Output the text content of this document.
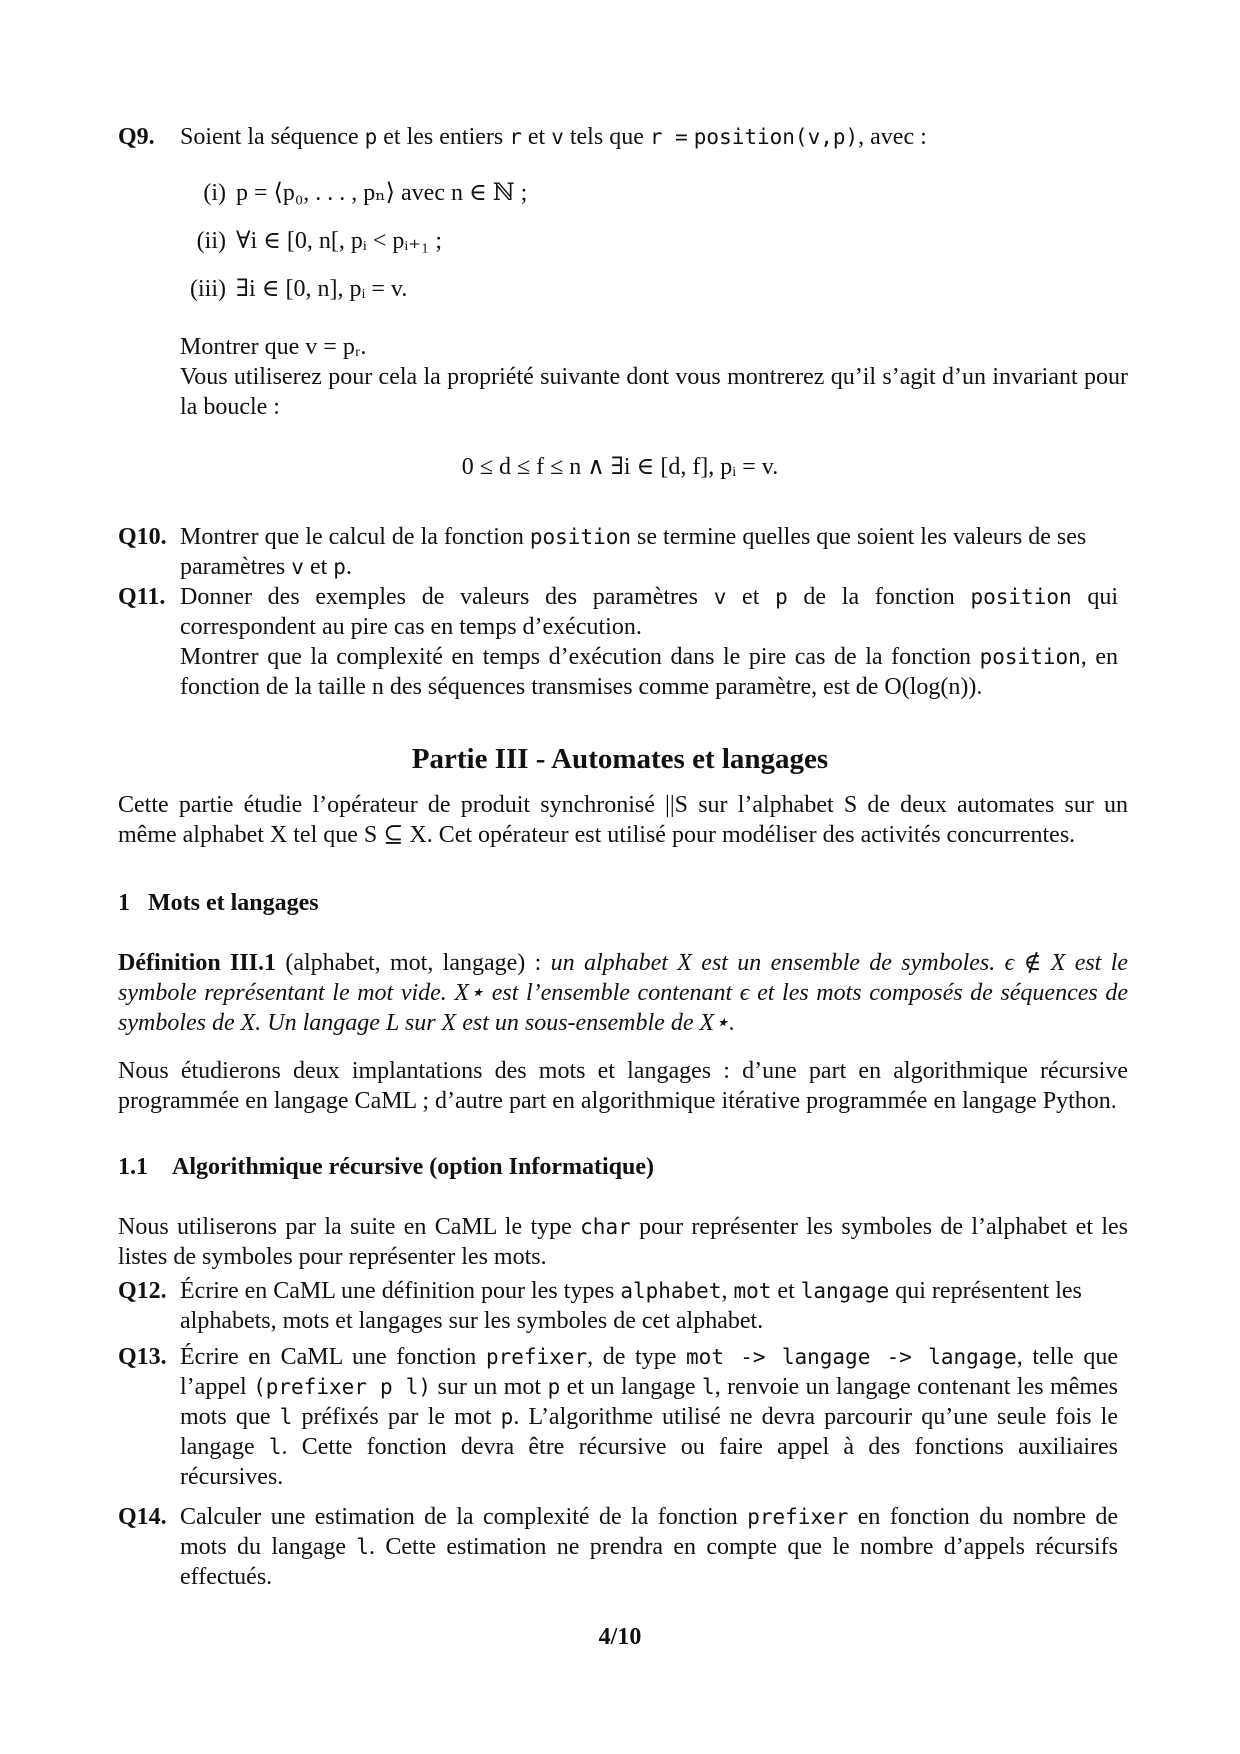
Q9. Soient la séquence p et les entiers r et v tels que r = position(v,p), avec :
(i) p = ⟨p₀, . . . , pₙ⟩ avec n ∈ ℕ ;
(ii) ∀i ∈ [0, n[, pᵢ < pᵢ₊₁ ;
(iii) ∃i ∈ [0, n], pᵢ = v.
Montrer que v = pᵣ.
Vous utiliserez pour cela la propriété suivante dont vous montrerez qu’il s’agit d’un invariant pour la boucle :
0 ≤ d ≤ f ≤ n ∧ ∃i ∈ [d, f], pᵢ = v.
Q10. Montrer que le calcul de la fonction position se termine quelles que soient les valeurs de ses paramètres v et p.
Q11. Donner des exemples de valeurs des paramètres v et p de la fonction position qui correspondent au pire cas en temps d’exécution.
Montrer que la complexité en temps d’exécution dans le pire cas de la fonction position, en fonction de la taille n des séquences transmises comme paramètre, est de O(log(n)).
Partie III - Automates et langages
Cette partie étudie l’opérateur de produit synchronisé ||S sur l’alphabet S de deux automates sur un même alphabet X tel que S ⊆ X. Cet opérateur est utilisé pour modéliser des activités concurrentes.
1 Mots et langages
Définition III.1 (alphabet, mot, langage) : un alphabet X est un ensemble de symboles. ϵ ∉ X est le symbole représentant le mot vide. X⋆ est l’ensemble contenant ϵ et les mots composés de séquences de symboles de X. Un langage L sur X est un sous-ensemble de X⋆.
Nous étudierons deux implantations des mots et langages : d’une part en algorithmique récursive programmée en langage CaML ; d’autre part en algorithmique itérative programmée en langage Python.
1.1 Algorithmique récursive (option Informatique)
Nous utiliserons par la suite en CaML le type char pour représenter les symboles de l’alphabet et les listes de symboles pour représenter les mots.
Q12. Écrire en CaML une définition pour les types alphabet, mot et langage qui représentent les alphabets, mots et langages sur les symboles de cet alphabet.
Q13. Écrire en CaML une fonction prefixer, de type mot -> langage -> langage, telle que l’appel (prefixer p l) sur un mot p et un langage l, renvoie un langage contenant les mêmes mots que l préfixés par le mot p. L’algorithme utilisé ne devra parcourir qu’une seule fois le langage l. Cette fonction devra être récursive ou faire appel à des fonctions auxiliaires récursives.
Q14. Calculer une estimation de la complexité de la fonction prefixer en fonction du nombre de mots du langage l. Cette estimation ne prendra en compte que le nombre d’appels récursifs effectués.
4/10
